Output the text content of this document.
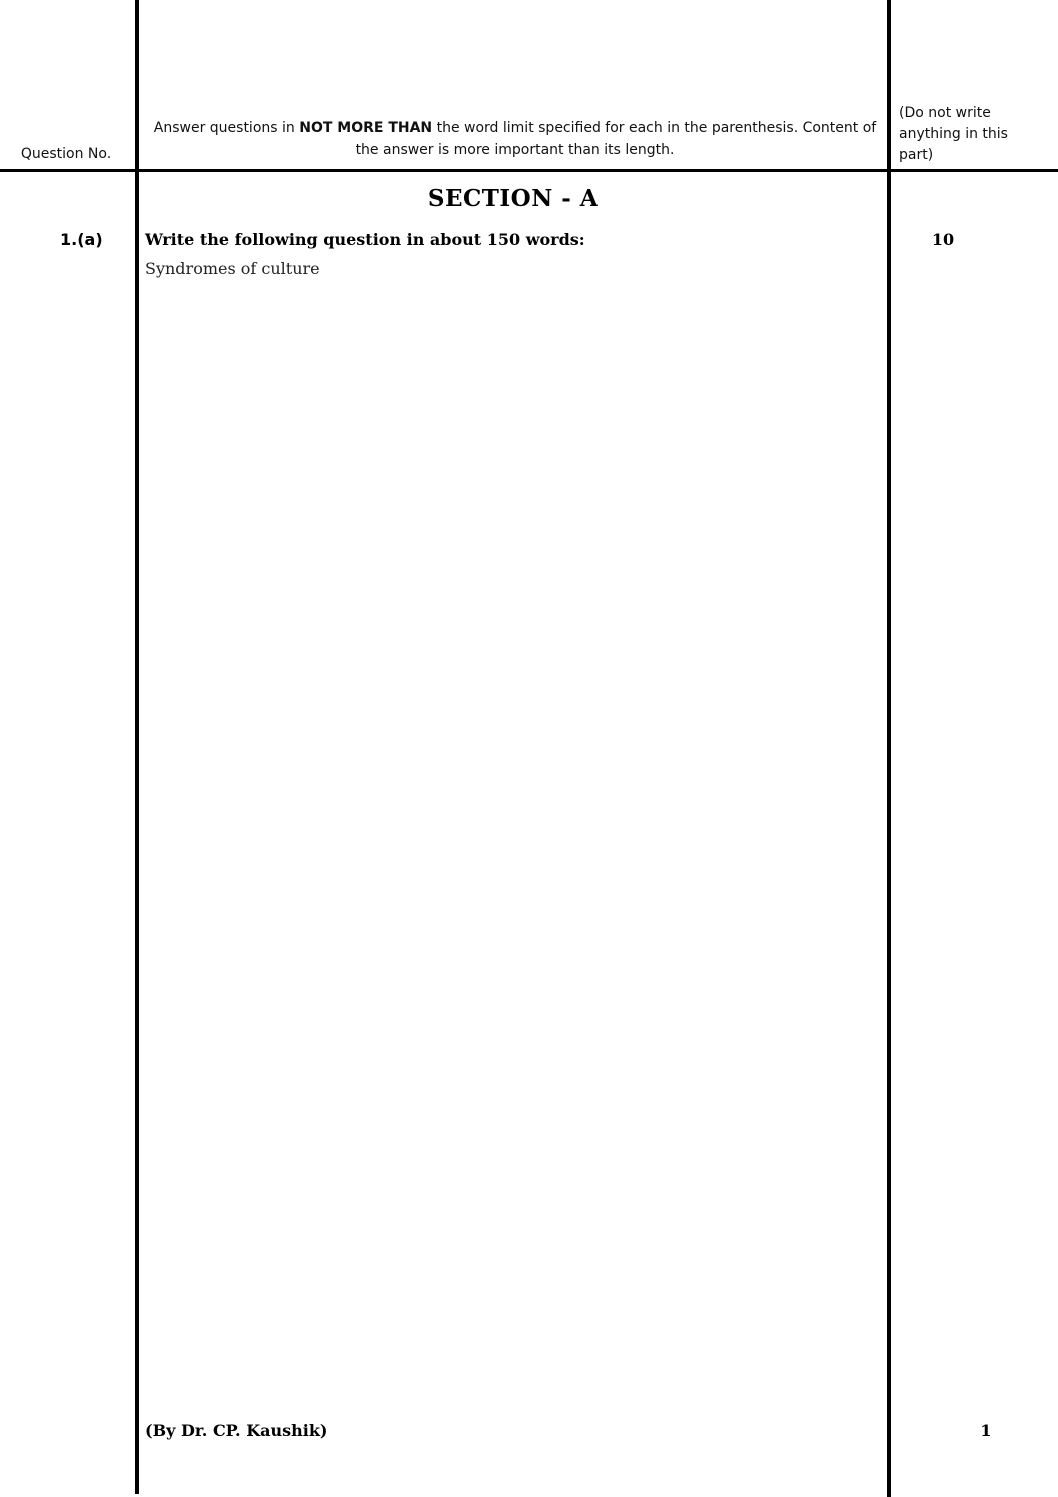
Question No.
Answer questions in NOT MORE THAN the word limit specified for each in the parenthesis. Content of the answer is more important than its length.
(Do not write anything in this part)
SECTION - A
1.(a)	Write the following question in about 150 words:
Syndromes of culture
10
(By Dr. CP. Kaushik)	1
